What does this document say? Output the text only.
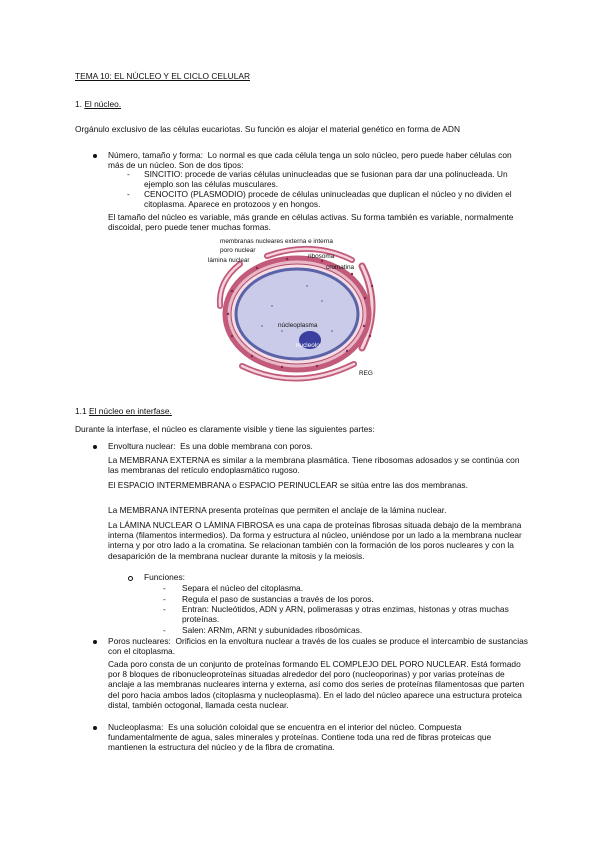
TEMA 10: EL NÚCLEO Y EL CICLO CELULAR
1. El núcleo.
Orgánulo exclusivo de las células eucariotas. Su función es alojar el material genético en forma de ADN
Número, tamaño y forma: Lo normal es que cada célula tenga un solo núcleo, pero puede haber células con más de un núcleo. Son de dos tipos:
- SINCITIO: procede de varias células uninucleadas que se fusionan para dar una polinucleada. Un ejemplo son las células musculares.
- CENOCITO (PLASMODIO) procede de células uninucleadas que duplican el núcleo y no dividen el citoplasma. Aparece en protozoos y en hongos.
El tamaño del núcleo es variable, más grande en células activas. Su forma también es variable, normalmente discoidal, pero puede tener muchas formas.
membranas nucleares externa e interna
poro nuclear
lámina nuclear
ribosoma
cromatina
núcleoplasma
nucleolo
REG
1.1 El núcleo en interfase.
Durante la interfase, el núcleo es claramente visible y tiene las siguientes partes:
Envoltura nuclear: Es una doble membrana con poros.
La MEMBRANA EXTERNA es similar a la membrana plasmática. Tiene ribosomas adosados y se continúa con las membranas del retículo endoplasmático rugoso.
El ESPACIO INTERMEMBRANA o ESPACIO PERINUCLEAR se sitúa entre las dos membranas.
La MEMBRANA INTERNA presenta proteínas que permiten el anclaje de la lámina nuclear.
La LÁMINA NUCLEAR O LÁMINA FIBROSA es una capa de proteínas fibrosas situada debajo de la membrana interna (filamentos intermedios). Da forma y estructura al núcleo, uniéndose por un lado a la membrana nuclear interna y por otro lado a la cromatina. Se relacionan también con la formación de los poros nucleares y con la desaparición de la membrana nuclear durante la mitosis y la meiosis.
Funciones:
- Separa el núcleo del citoplasma.
- Regula el paso de sustancias a través de los poros.
- Entran: Nucleótidos, ADN y ARN, polimerasas y otras enzimas, histonas y otras muchas proteínas.
- Salen: ARNm, ARNt y subunidades ribosómicas.
Poros nucleares: Orificios en la envoltura nuclear a través de los cuales se produce el intercambio de sustancias con el citoplasma.
Cada poro consta de un conjunto de proteínas formando EL COMPLEJO DEL PORO NUCLEAR. Está formado por 8 bloques de ribonucleoproteínas situadas alrededor del poro (nucleoporinas) y por varias proteínas de anclaje a las membranas nucleares interna y externa, así como dos series de proteínas filamentosas que parten del poro hacia ambos lados (citoplasma y nucleoplasma). En el lado del núcleo aparece una estructura proteica distal, también octogonal, llamada cesta nuclear.
Nucleoplasma: Es una solución coloidal que se encuentra en el interior del núcleo. Compuesta fundamentalmente de agua, sales minerales y proteínas. Contiene toda una red de fibras proteicas que mantienen la estructura del núcleo y de la fibra de cromatina.
